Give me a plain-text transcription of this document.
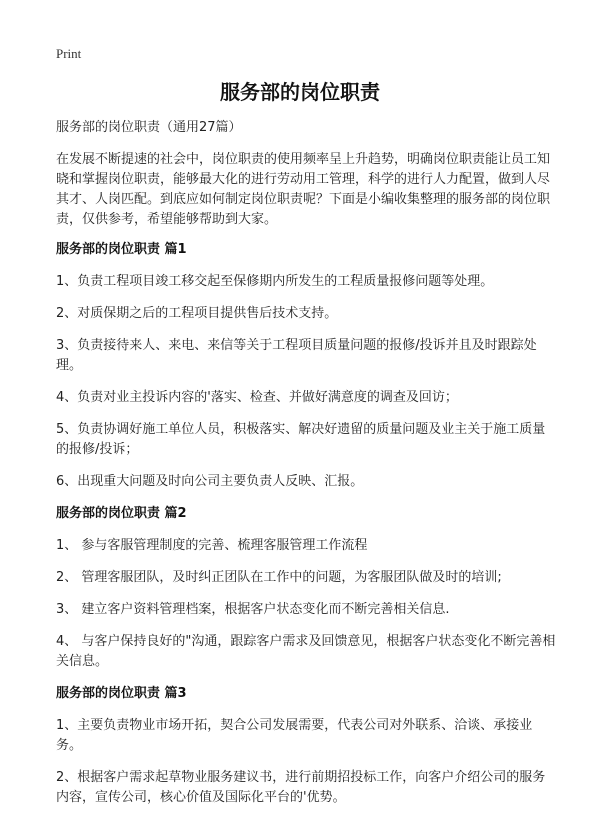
Print
服务部的岗位职责

服务部的岗位职责（通用27篇）

在发展不断提速的社会中，岗位职责的使用频率呈上升趋势，明确岗位职责能让员工知晓和掌握岗位职责，能够最大化的进行劳动用工管理，科学的进行人力配置，做到人尽其才、人岗匹配。到底应如何制定岗位职责呢？下面是小编收集整理的服务部的岗位职责，仅供参考，希望能够帮助到大家。

服务部的岗位职责 篇1

1、负责工程项目竣工移交起至保修期内所发生的工程质量报修问题等处理。

2、对质保期之后的工程项目提供售后技术支持。

3、负责接待来人、来电、来信等关于工程项目质量问题的报修/投诉并且及时跟踪处理。

4、负责对业主投诉内容的'落实、检查、并做好满意度的调查及回访；

5、负责协调好施工单位人员，积极落实、解决好遗留的质量问题及业主关于施工质量的报修/投诉；

6、出现重大问题及时向公司主要负责人反映、汇报。

服务部的岗位职责 篇2

1、 参与客服管理制度的完善、梳理客服管理工作流程

2、 管理客服团队，及时纠正团队在工作中的问题，为客服团队做及时的培训;

3、 建立客户资料管理档案，根据客户状态变化而不断完善相关信息.

4、 与客户保持良好的"沟通，跟踪客户需求及回馈意见，根据客户状态变化不断完善相关信息。

服务部的岗位职责 篇3

1、主要负责物业市场开拓，契合公司发展需要，代表公司对外联系、洽谈、承接业务。

2、根据客户需求起草物业服务建议书，进行前期招投标工作，向客户介绍公司的服务内容，宣传公司，核心价值及国际化平台的'优势。
